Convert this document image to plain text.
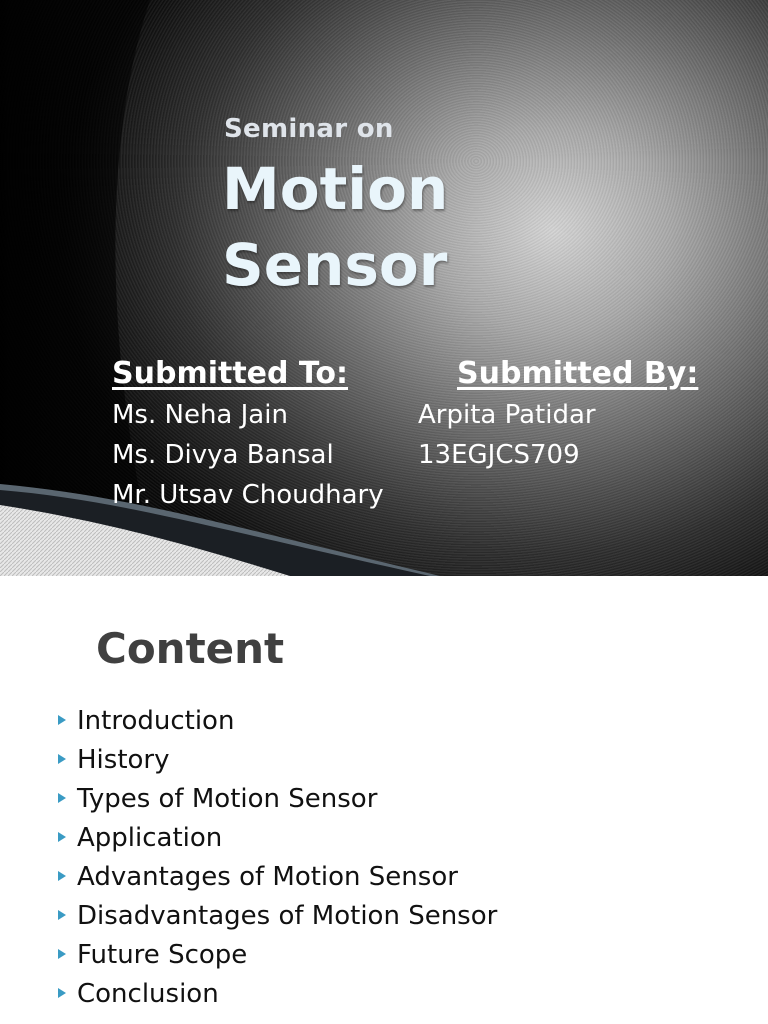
Seminar on
Motion
Sensor
Submitted To:	Submitted By:
Ms. Neha Jain
Ms. Divya Bansal
Mr. Utsav Choudhary
Arpita Patidar
13EGJCS709
Content
Introduction
History
Types of Motion Sensor
Application
Advantages of Motion Sensor
Disadvantages of Motion Sensor
Future Scope
Conclusion
